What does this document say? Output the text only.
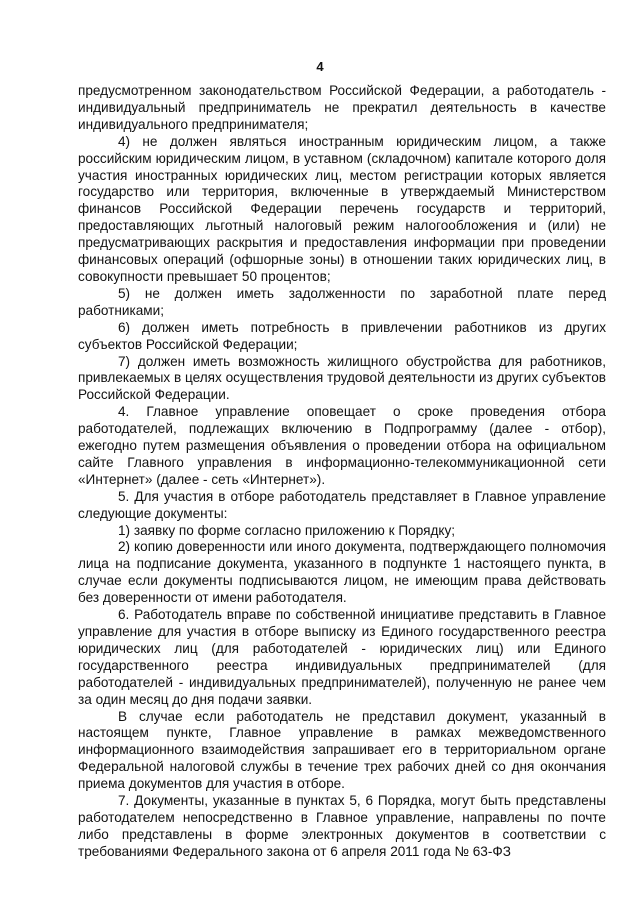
4

предусмотренном законодательством Российской Федерации, а работодатель - индивидуальный предприниматель не прекратил деятельность в качестве индивидуального предпринимателя;

4) не должен являться иностранным юридическим лицом, а также российским юридическим лицом, в уставном (складочном) капитале которого доля участия иностранных юридических лиц, местом регистрации которых является государство или территория, включенные в утверждаемый Министерством финансов Российской Федерации перечень государств и территорий, предоставляющих льготный налоговый режим налогообложения и (или) не предусматривающих раскрытия и предоставления информации при проведении финансовых операций (офшорные зоны) в отношении таких юридических лиц, в совокупности превышает 50 процентов;

5) не должен иметь задолженности по заработной плате перед работниками;

6) должен иметь потребность в привлечении работников из других субъектов Российской Федерации;

7) должен иметь возможность жилищного обустройства для работников, привлекаемых в целях осуществления трудовой деятельности из других субъектов Российской Федерации.

4. Главное управление оповещает о сроке проведения отбора работодателей, подлежащих включению в Подпрограмму (далее - отбор), ежегодно путем размещения объявления о проведении отбора на официальном сайте Главного управления в информационно-телекоммуникационной сети «Интернет» (далее - сеть «Интернет»).

5. Для участия в отборе работодатель представляет в Главное управление следующие документы:

1) заявку по форме согласно приложению к Порядку;

2) копию доверенности или иного документа, подтверждающего полномочия лица на подписание документа, указанного в подпункте 1 настоящего пункта, в случае если документы подписываются лицом, не имеющим права действовать без доверенности от имени работодателя.

6. Работодатель вправе по собственной инициативе представить в Главное управление для участия в отборе выписку из Единого государственного реестра юридических лиц (для работодателей - юридических лиц) или Единого государственного реестра индивидуальных предпринимателей (для работодателей - индивидуальных предпринимателей), полученную не ранее чем за один месяц до дня подачи заявки.

В случае если работодатель не представил документ, указанный в настоящем пункте, Главное управление в рамках межведомственного информационного взаимодействия запрашивает его в территориальном органе Федеральной налоговой службы в течение трех рабочих дней со дня окончания приема документов для участия в отборе.

7. Документы, указанные в пунктах 5, 6 Порядка, могут быть представлены работодателем непосредственно в Главное управление, направлены по почте либо представлены в форме электронных документов в соответствии с требованиями Федерального закона от 6 апреля 2011 года № 63-ФЗ
